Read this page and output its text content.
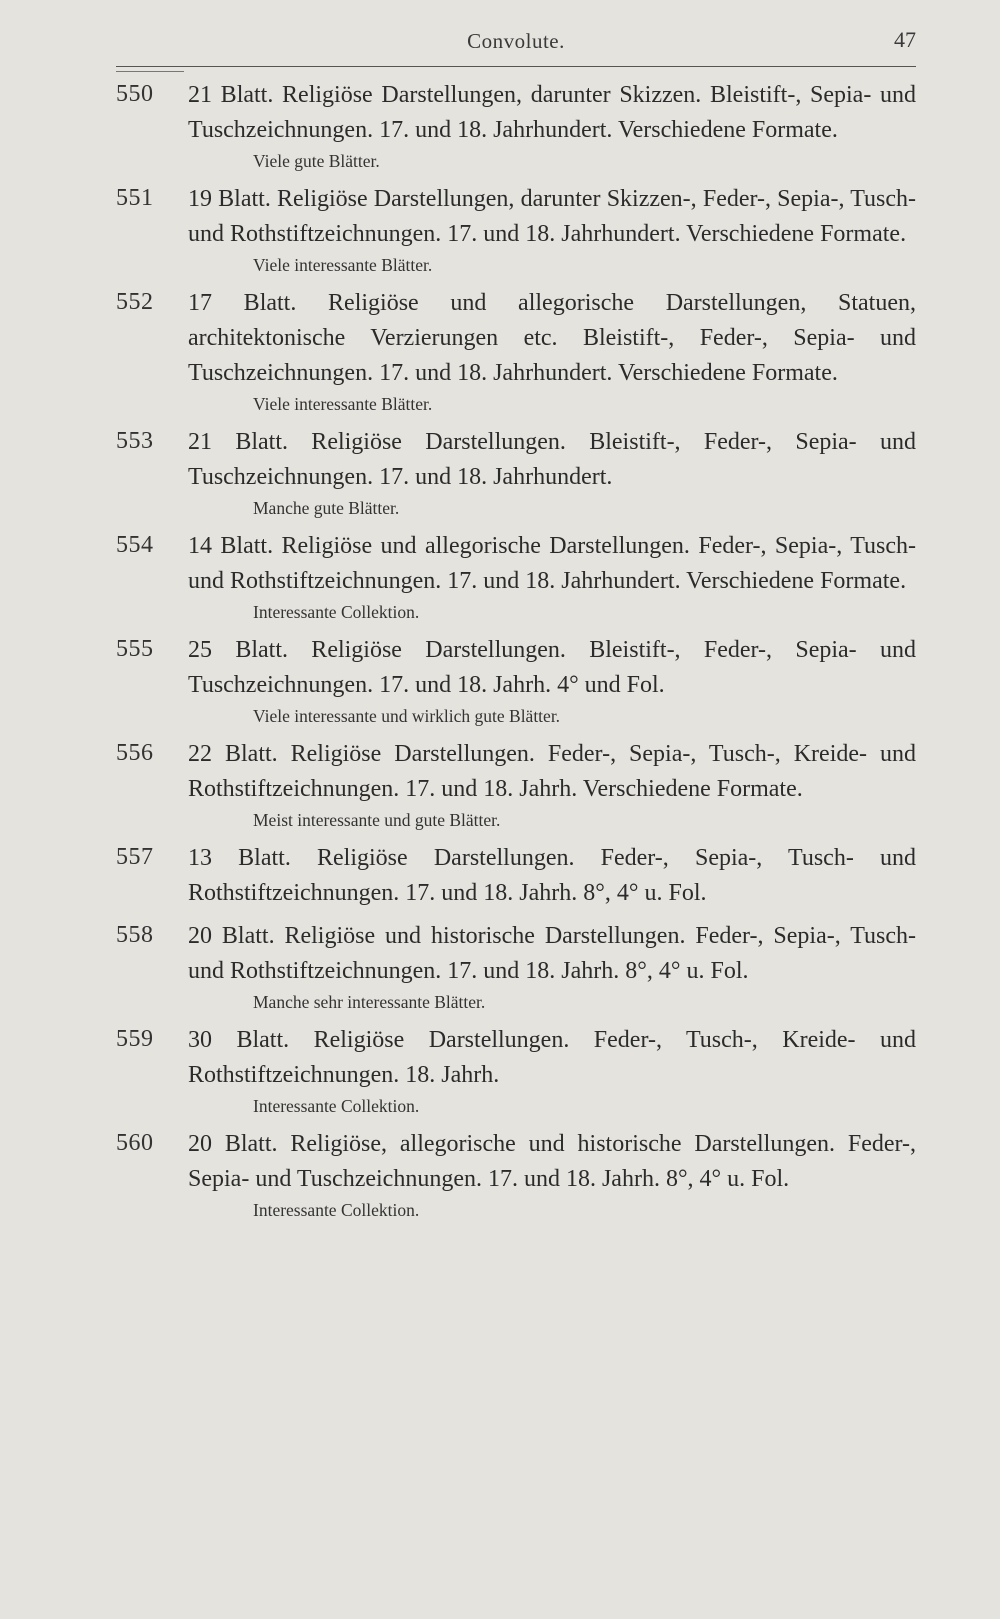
Convolute.	47
550 21 Blatt. Religiöse Darstellungen, darunter Skizzen. Bleistift-, Sepia- und Tuschzeichnungen. 17. und 18. Jahrhundert. Verschiedene Formate.
Viele gute Blätter.
551 19 Blatt. Religiöse Darstellungen, darunter Skizzen-, Feder-, Sepia-, Tusch- und Rothstiftzeichnungen. 17. und 18. Jahrhundert. Verschiedene Formate.
Viele interessante Blätter.
552 17 Blatt. Religiöse und allegorische Darstellungen, Statuen, architektonische Verzierungen etc. Bleistift-, Feder-, Sepia- und Tuschzeichnungen. 17. und 18. Jahrhundert. Verschiedene Formate.
Viele interessante Blätter.
553 21 Blatt. Religiöse Darstellungen. Bleistift-, Feder-, Sepia- und Tuschzeichnungen. 17. und 18. Jahrhundert.
Manche gute Blätter.
554 14 Blatt. Religiöse und allegorische Darstellungen. Feder-, Sepia-, Tusch- und Rothstiftzeichnungen. 17. und 18. Jahrhundert. Verschiedene Formate.
Interessante Collektion.
555 25 Blatt. Religiöse Darstellungen. Bleistift-, Feder-, Sepia- und Tuschzeichnungen. 17. und 18. Jahrh. 4° und Fol.
Viele interessante und wirklich gute Blätter.
556 22 Blatt. Religiöse Darstellungen. Feder-, Sepia-, Tusch-, Kreide- und Rothstiftzeichnungen. 17. und 18. Jahrh. Verschiedene Formate.
Meist interessante und gute Blätter.
557 13 Blatt. Religiöse Darstellungen. Feder-, Sepia-, Tusch- und Rothstiftzeichnungen. 17. und 18. Jahrh. 8°, 4° u. Fol.
558 20 Blatt. Religiöse und historische Darstellungen. Feder-, Sepia-, Tusch- und Rothstiftzeichnungen. 17. und 18. Jahrh. 8°, 4° u. Fol.
Manche sehr interessante Blätter.
559 30 Blatt. Religiöse Darstellungen. Feder-, Tusch-, Kreide- und Rothstiftzeichnungen. 18. Jahrh.
Interessante Collektion.
560 20 Blatt. Religiöse, allegorische und historische Darstellungen. Feder-, Sepia- und Tuschzeichnungen. 17. und 18. Jahrh. 8°, 4° u. Fol.
Interessante Collektion.
